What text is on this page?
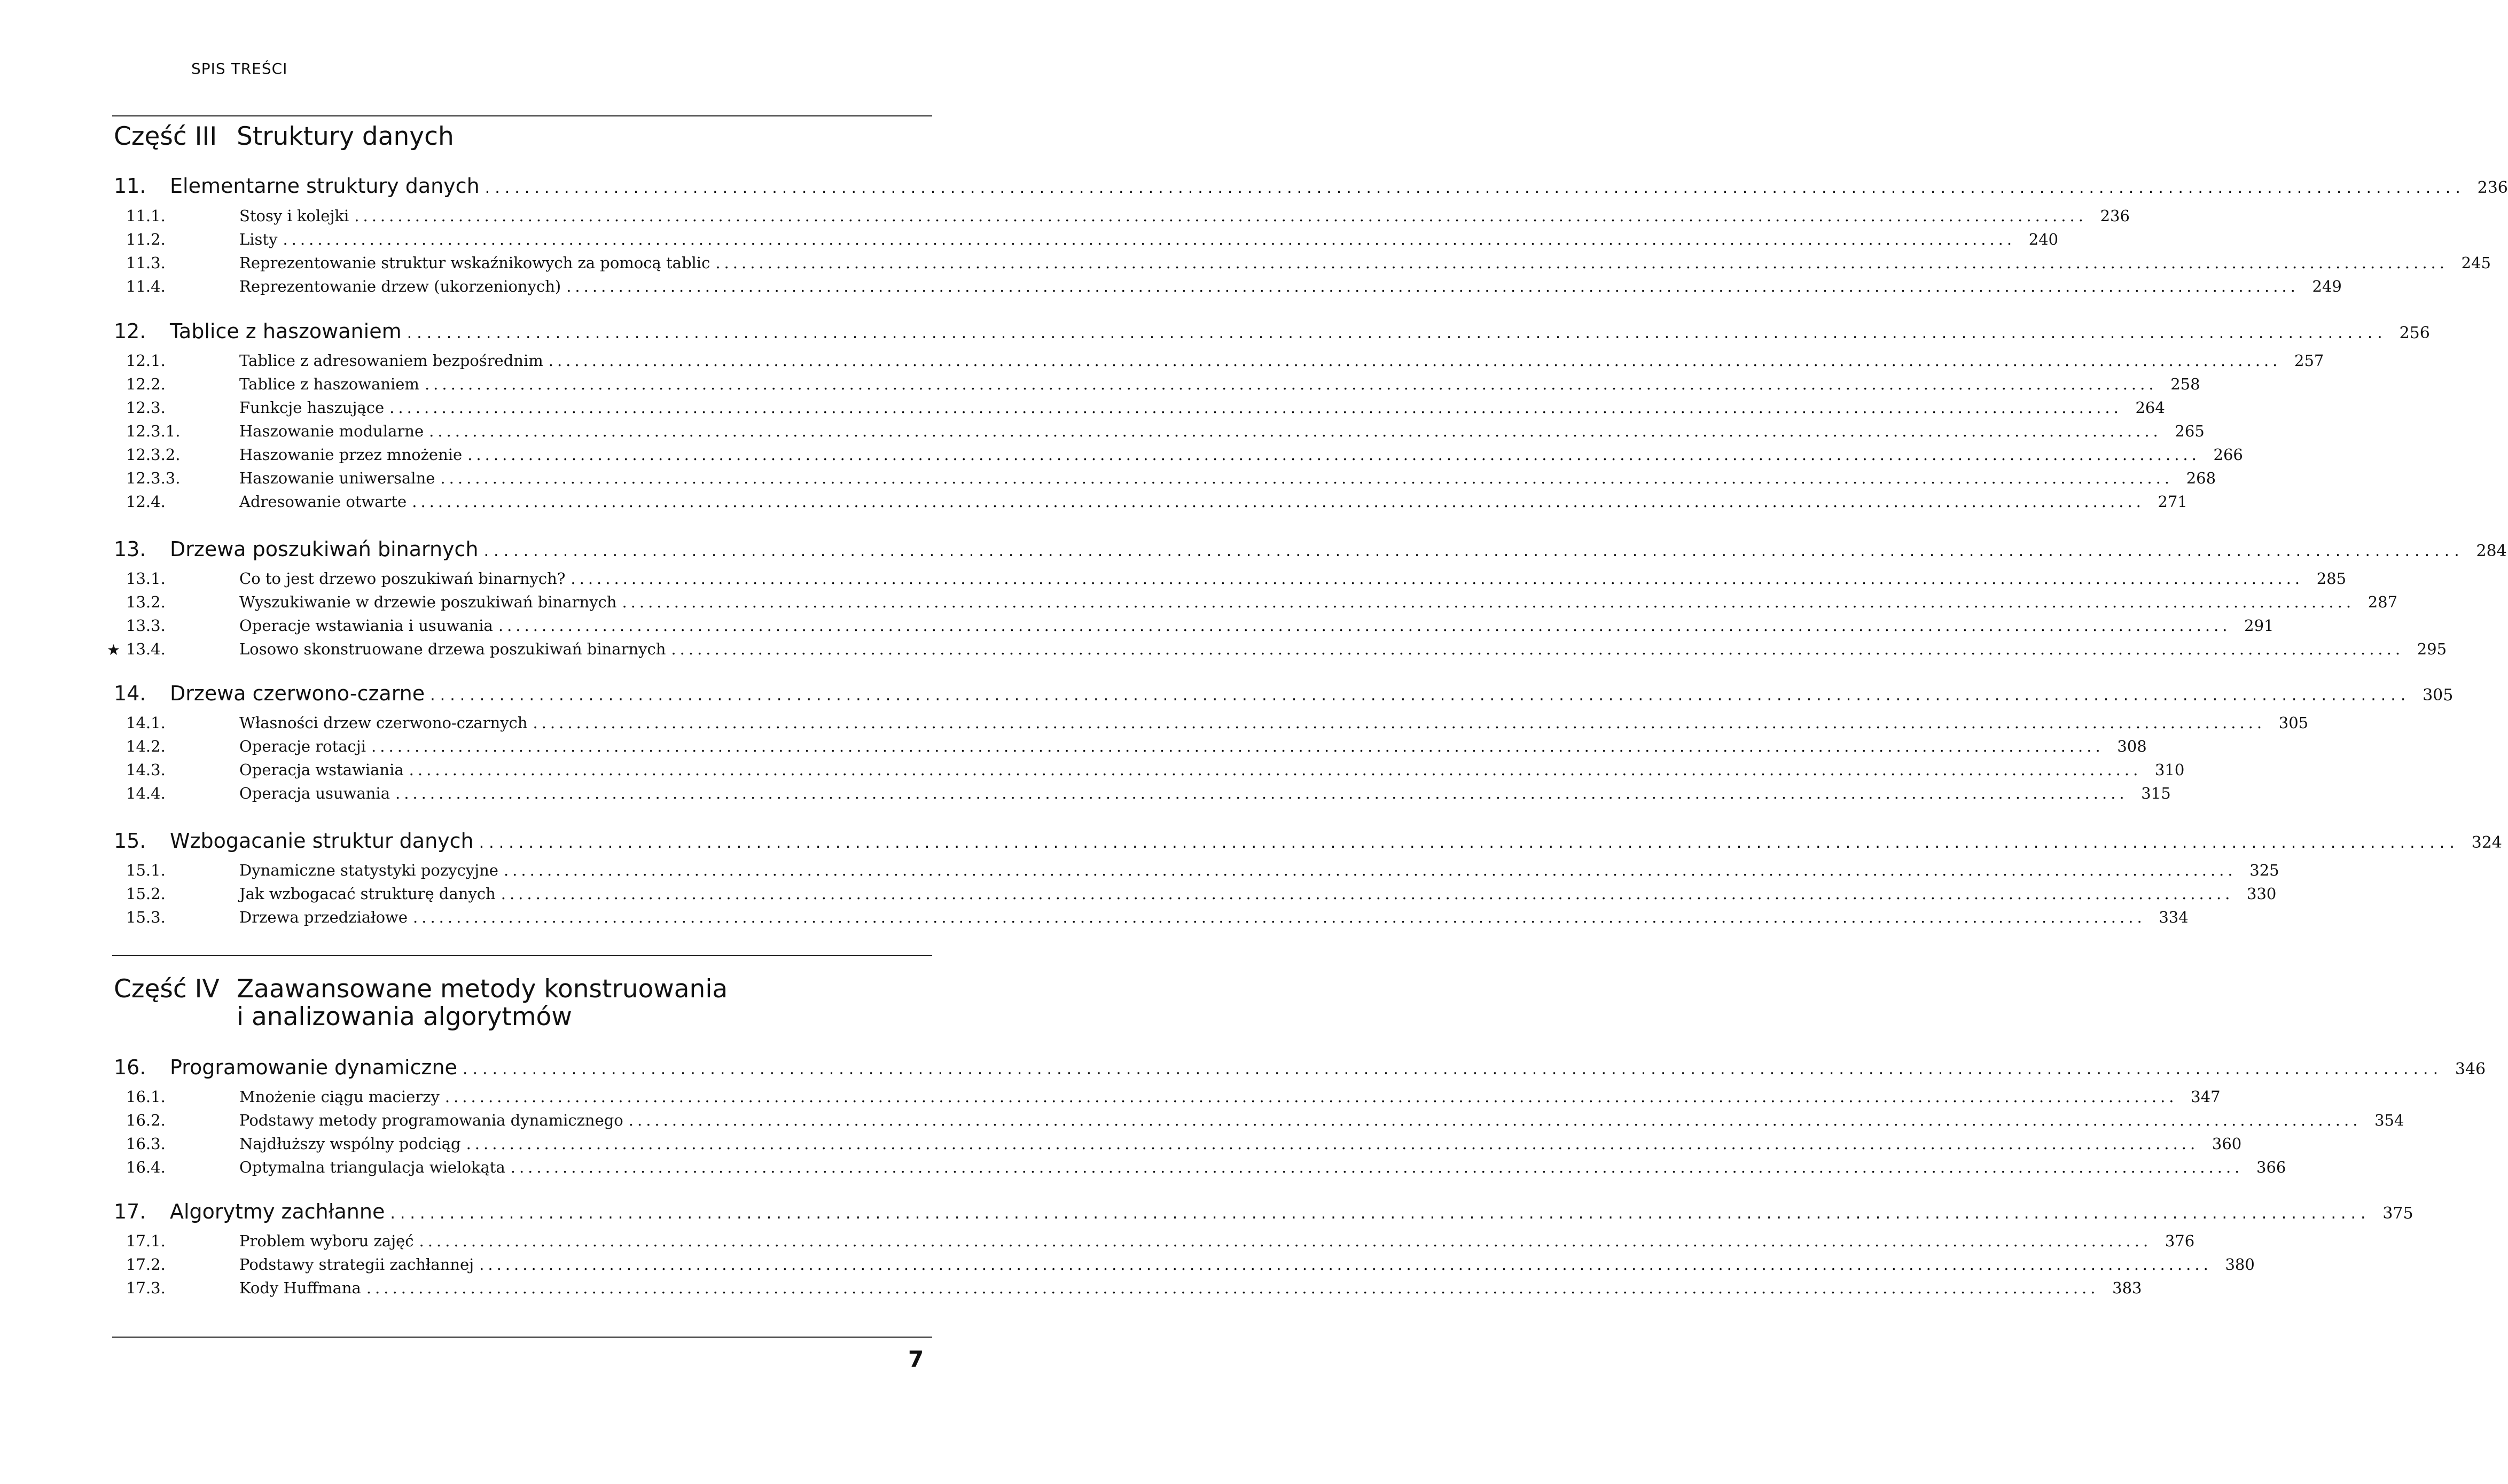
SPIS TREŚCI
Część III Struktury danych
Część IV Zaawansowane metody konstruowania
i analizowania algorytmów
11.	Elementarne struktury danych ........................................................................................................................................................................................................ 236
11.1.	Stosy i kolejki ........................................................................................................................................................................................................ 236
11.2.	Listy ........................................................................................................................................................................................................ 240
11.3.	Reprezentowanie struktur wskaźnikowych za pomocą tablic ........................................................................................................................................................................................................ 245
11.4.	Reprezentowanie drzew (ukorzenionych) ........................................................................................................................................................................................................ 249
12.	Tablice z haszowaniem ........................................................................................................................................................................................................ 256
12.1.	Tablice z adresowaniem bezpośrednim ........................................................................................................................................................................................................ 257
12.2.	Tablice z haszowaniem ........................................................................................................................................................................................................ 258
12.3.	Funkcje haszujące ........................................................................................................................................................................................................ 264
12.3.1.	Haszowanie modularne ........................................................................................................................................................................................................ 265
12.3.2.	Haszowanie przez mnożenie ........................................................................................................................................................................................................ 266
12.3.3.	Haszowanie uniwersalne ........................................................................................................................................................................................................ 268
12.4.	Adresowanie otwarte ........................................................................................................................................................................................................ 271
13.	Drzewa poszukiwań binarnych ........................................................................................................................................................................................................ 284
13.1.	Co to jest drzewo poszukiwań binarnych? ........................................................................................................................................................................................................ 285
13.2.	Wyszukiwanie w drzewie poszukiwań binarnych ........................................................................................................................................................................................................ 287
13.3.	Operacje wstawiania i usuwania ........................................................................................................................................................................................................ 291
★ 13.4.	Losowo skonstruowane drzewa poszukiwań binarnych ........................................................................................................................................................................................................ 295
14.	Drzewa czerwono-czarne ........................................................................................................................................................................................................ 305
14.1.	Własności drzew czerwono-czarnych ........................................................................................................................................................................................................ 305
14.2.	Operacje rotacji ........................................................................................................................................................................................................ 308
14.3.	Operacja wstawiania ........................................................................................................................................................................................................ 310
14.4.	Operacja usuwania ........................................................................................................................................................................................................ 315
15.	Wzbogacanie struktur danych ........................................................................................................................................................................................................ 324
15.1.	Dynamiczne statystyki pozycyjne ........................................................................................................................................................................................................ 325
15.2.	Jak wzbogacać strukturę danych ........................................................................................................................................................................................................ 330
15.3.	Drzewa przedziałowe ........................................................................................................................................................................................................ 334
16.	Programowanie dynamiczne ........................................................................................................................................................................................................ 346
16.1.	Mnożenie ciągu macierzy ........................................................................................................................................................................................................ 347
16.2.	Podstawy metody programowania dynamicznego ........................................................................................................................................................................................................ 354
16.3.	Najdłuższy wspólny podciąg ........................................................................................................................................................................................................ 360
16.4.	Optymalna triangulacja wielokąta ........................................................................................................................................................................................................ 366
17.	Algorytmy zachłanne ........................................................................................................................................................................................................ 375
17.1.	Problem wyboru zajęć ........................................................................................................................................................................................................ 376
17.2.	Podstawy strategii zachłannej ........................................................................................................................................................................................................ 380
17.3.	Kody Huffmana ........................................................................................................................................................................................................ 383
7
